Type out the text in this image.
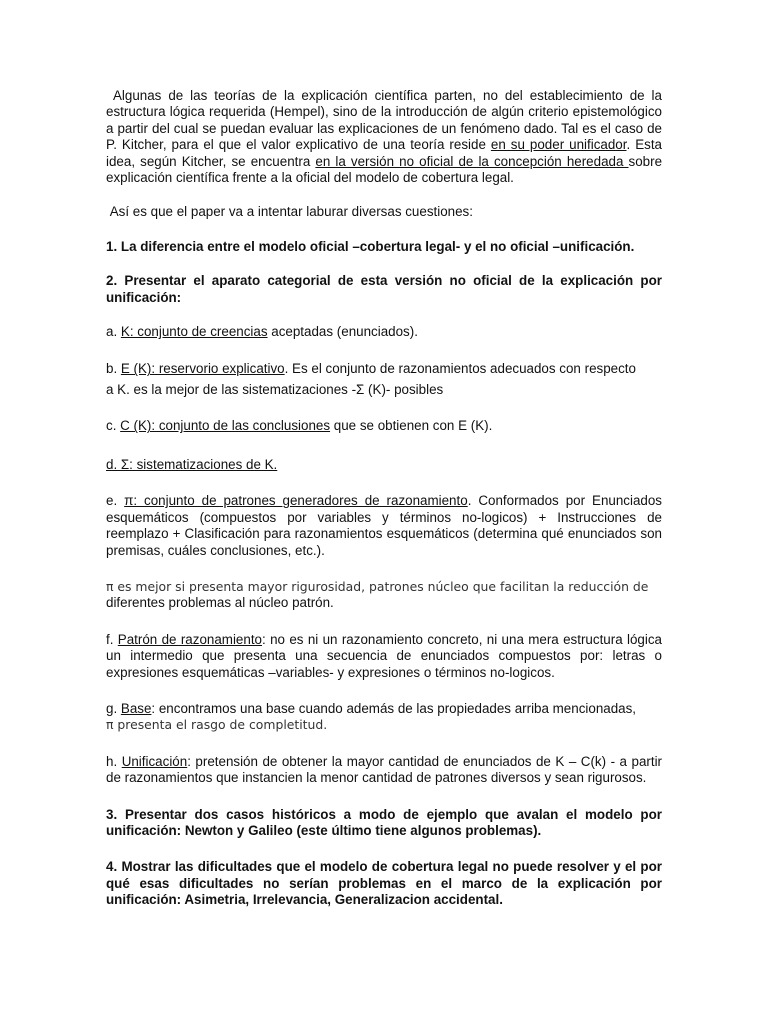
Algunas de las teorías de la explicación científica parten, no del establecimiento de la estructura lógica requerida (Hempel), sino de la introducción de algún criterio epistemológico a partir del cual se puedan evaluar las explicaciones de un fenómeno dado. Tal es el caso de P. Kitcher, para el que el valor explicativo de una teoría reside en su poder unificador. Esta idea, según Kitcher, se encuentra en la versión no oficial de la concepción heredada sobre explicación científica frente a la oficial del modelo de cobertura legal.

Así es que el paper va a intentar laburar diversas cuestiones:

1. La diferencia entre el modelo oficial –cobertura legal- y el no oficial –unificación.

2. Presentar el aparato categorial de esta versión no oficial de la explicación por unificación:

a. K: conjunto de creencias aceptadas (enunciados).

b. E (K): reservorio explicativo. Es el conjunto de razonamientos adecuados con respecto
a K. es la mejor de las sistematizaciones -Σ (K)- posibles

c. C (K): conjunto de las conclusiones que se obtienen con E (K).

d. Σ: sistematizaciones de K.

e. π: conjunto de patrones generadores de razonamiento. Conformados por Enunciados esquemáticos (compuestos por variables y términos no-logicos) + Instrucciones de reemplazo + Clasificación para razonamientos esquemáticos (determina qué enunciados son premisas, cuáles conclusiones, etc.).

π es mejor si presenta mayor rigurosidad, patrones núcleo que facilitan la reducción de
diferentes problemas al núcleo patrón.

f. Patrón de razonamiento: no es ni un razonamiento concreto, ni una mera estructura lógica un intermedio que presenta una secuencia de enunciados compuestos por: letras o expresiones esquemáticas –variables- y expresiones o términos no-logicos.

g. Base: encontramos una base cuando además de las propiedades arriba mencionadas,
π presenta el rasgo de completitud.

h. Unificación: pretensión de obtener la mayor cantidad de enunciados de K – C(k) - a partir de razonamientos que instancien la menor cantidad de patrones diversos y sean rigurosos.

3. Presentar dos casos históricos a modo de ejemplo que avalan el modelo por unificación: Newton y Galileo (este último tiene algunos problemas).

4. Mostrar las dificultades que el modelo de cobertura legal no puede resolver y el por qué esas dificultades no serían problemas en el marco de la explicación por unificación: Asimetria, Irrelevancia, Generalizacion accidental.
